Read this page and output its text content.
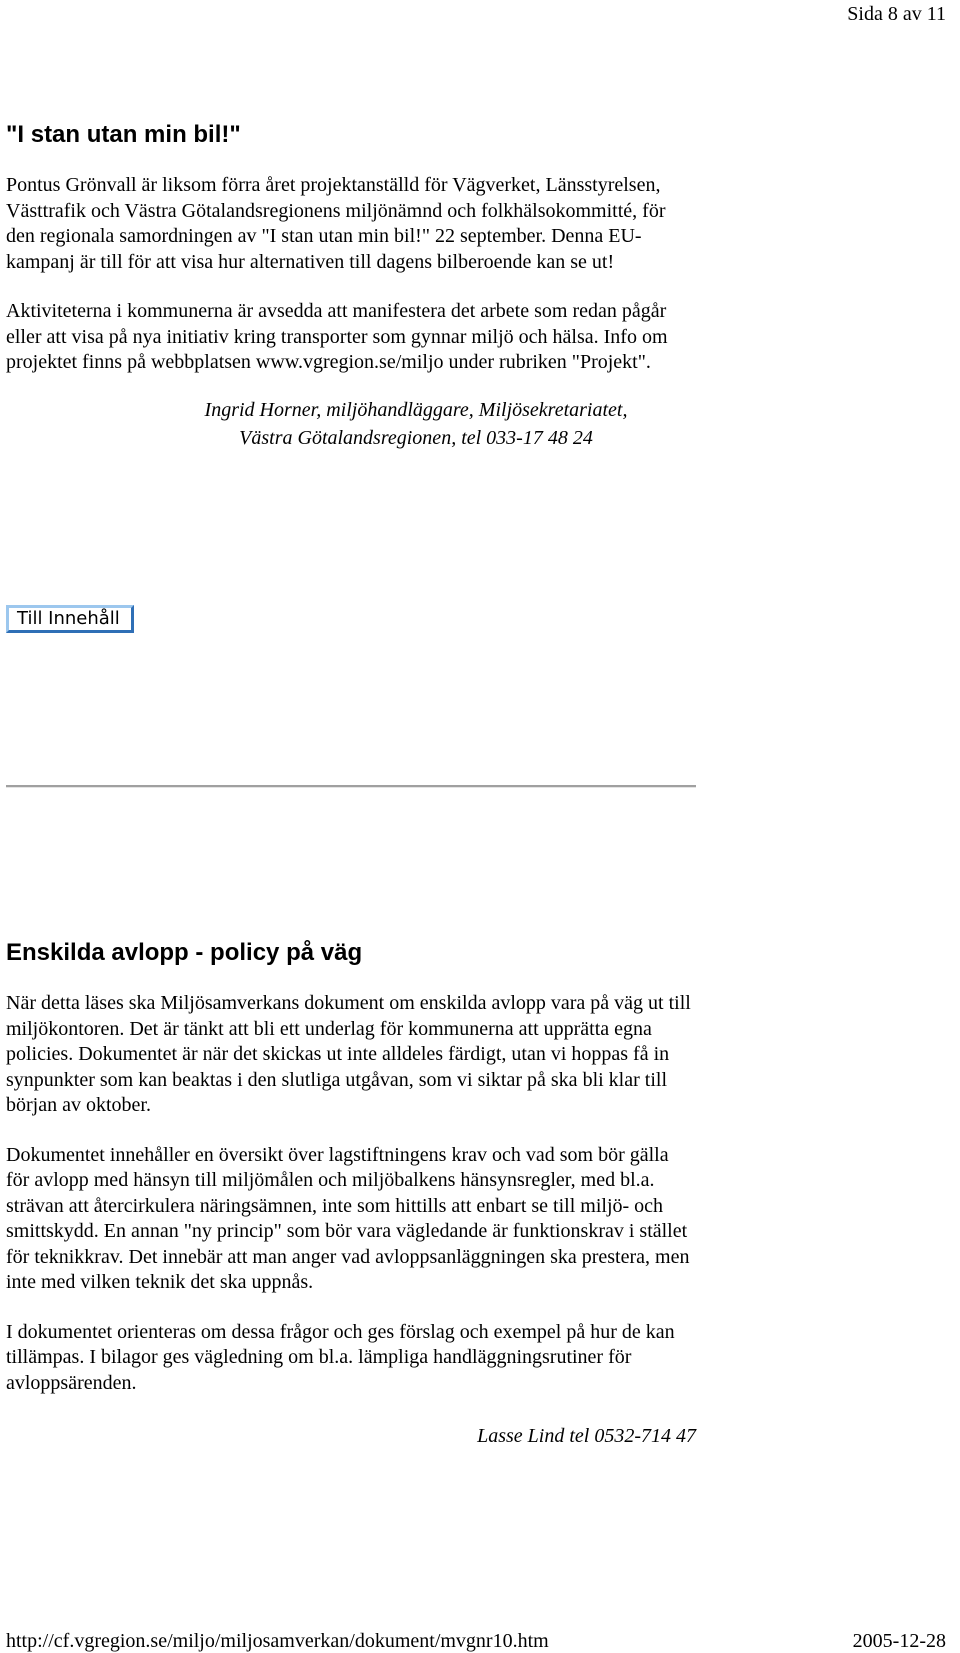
Sida 8 av 11
"I stan utan min bil!"

Pontus Grönvall är liksom förra året projektanställd för Vägverket, Länsstyrelsen, Västtrafik och Västra Götalandsregionens miljönämnd och folkhälsokommitté, för den regionala samordningen av "I stan utan min bil!" 22 september. Denna EU-kampanj är till för att visa hur alternativen till dagens bilberoende kan se ut!

Aktiviteterna i kommunerna är avsedda att manifestera det arbete som redan pågår eller att visa på nya initiativ kring transporter som gynnar miljö och hälsa. Info om projektet finns på webbplatsen www.vgregion.se/miljo under rubriken "Projekt".

Ingrid Horner, miljöhandläggare, Miljösekretariatet,

Västra Götalandsregionen, tel 033-17 48 24

Till Innehåll
Enskilda avlopp - policy på väg

När detta läses ska Miljösamverkans dokument om enskilda avlopp vara på väg ut till miljökontoren. Det är tänkt att bli ett underlag för kommunerna att upprätta egna policies. Dokumentet är när det skickas ut inte alldeles färdigt, utan vi hoppas få in synpunkter som kan beaktas i den slutliga utgåvan, som vi siktar på ska bli klar till början av oktober.

Dokumentet innehåller en översikt över lagstiftningens krav och vad som bör gälla för avlopp med hänsyn till miljömålen och miljöbalkens hänsynsregler, med bl.a. strävan att återcirkulera näringsämnen, inte som hittills att enbart se till miljö- och smittskydd. En annan "ny princip" som bör vara vägledande är funktionskrav i stället för teknikkrav. Det innebär att man anger vad avloppsanläggningen ska prestera, men inte med vilken teknik det ska uppnås.

I dokumentet orienteras om dessa frågor och ges förslag och exempel på hur de kan tillämpas. I bilagor ges vägledning om bl.a. lämpliga handläggningsrutiner för avloppsärenden.

Lasse Lind tel 0532-714 47

http://cf.vgregion.se/miljo/miljosamverkan/dokument/mvgnr10.htm	2005-12-28
